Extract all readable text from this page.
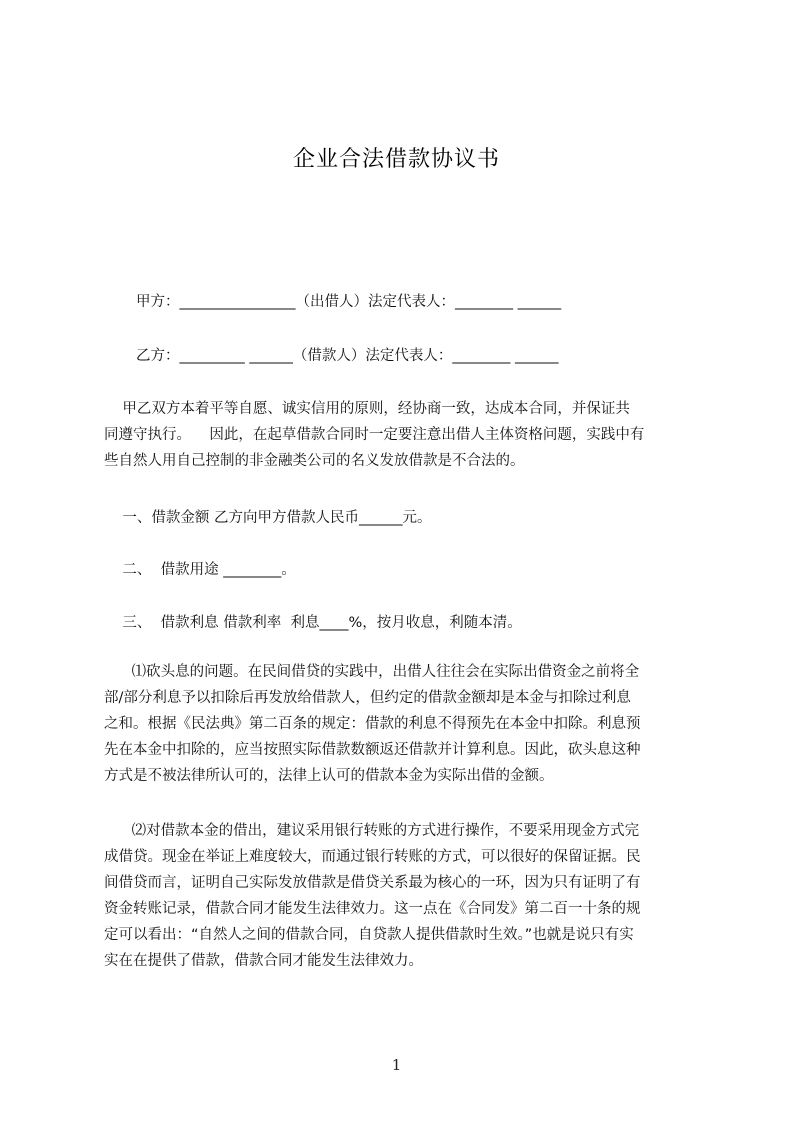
企业合法借款协议书
甲方：________________（出借人）法定代表人：________ ______
乙方：_________ ______（借款人）法定代表人：________ ______
甲乙双方本着平等自愿、诚实信用的原则，经协商一致，达成本合同，并保证共
同遵守执行。    因此，在起草借款合同时一定要注意出借人主体资格问题，实践中有
些自然人用自己控制的非金融类公司的名义发放借款是不合法的。
一、借款金额 乙方向甲方借款人民币______元。
二、  借款用途 ________。
三、  借款利息 借款利率  利息____%，按月收息，利随本清。
⑴砍头息的问题。在民间借贷的实践中，出借人往往会在实际出借资金之前将全
部/部分利息予以扣除后再发放给借款人，但约定的借款金额却是本金与扣除过利息
之和。根据《民法典》第二百条的规定：借款的利息不得预先在本金中扣除。利息预
先在本金中扣除的，应当按照实际借款数额返还借款并计算利息。因此，砍头息这种
方式是不被法律所认可的，法律上认可的借款本金为实际出借的金额。
⑵对借款本金的借出，建议采用银行转账的方式进行操作，不要采用现金方式完
成借贷。现金在举证上难度较大，而通过银行转账的方式，可以很好的保留证据。民
间借贷而言，证明自己实际发放借款是借贷关系最为核心的一环，因为只有证明了有
资金转账记录，借款合同才能发生法律效力。这一点在《合同发》第二百一十条的规
定可以看出：“自然人之间的借款合同，自贷款人提供借款时生效。”也就是说只有实
实在在提供了借款，借款合同才能发生法律效力。
1
